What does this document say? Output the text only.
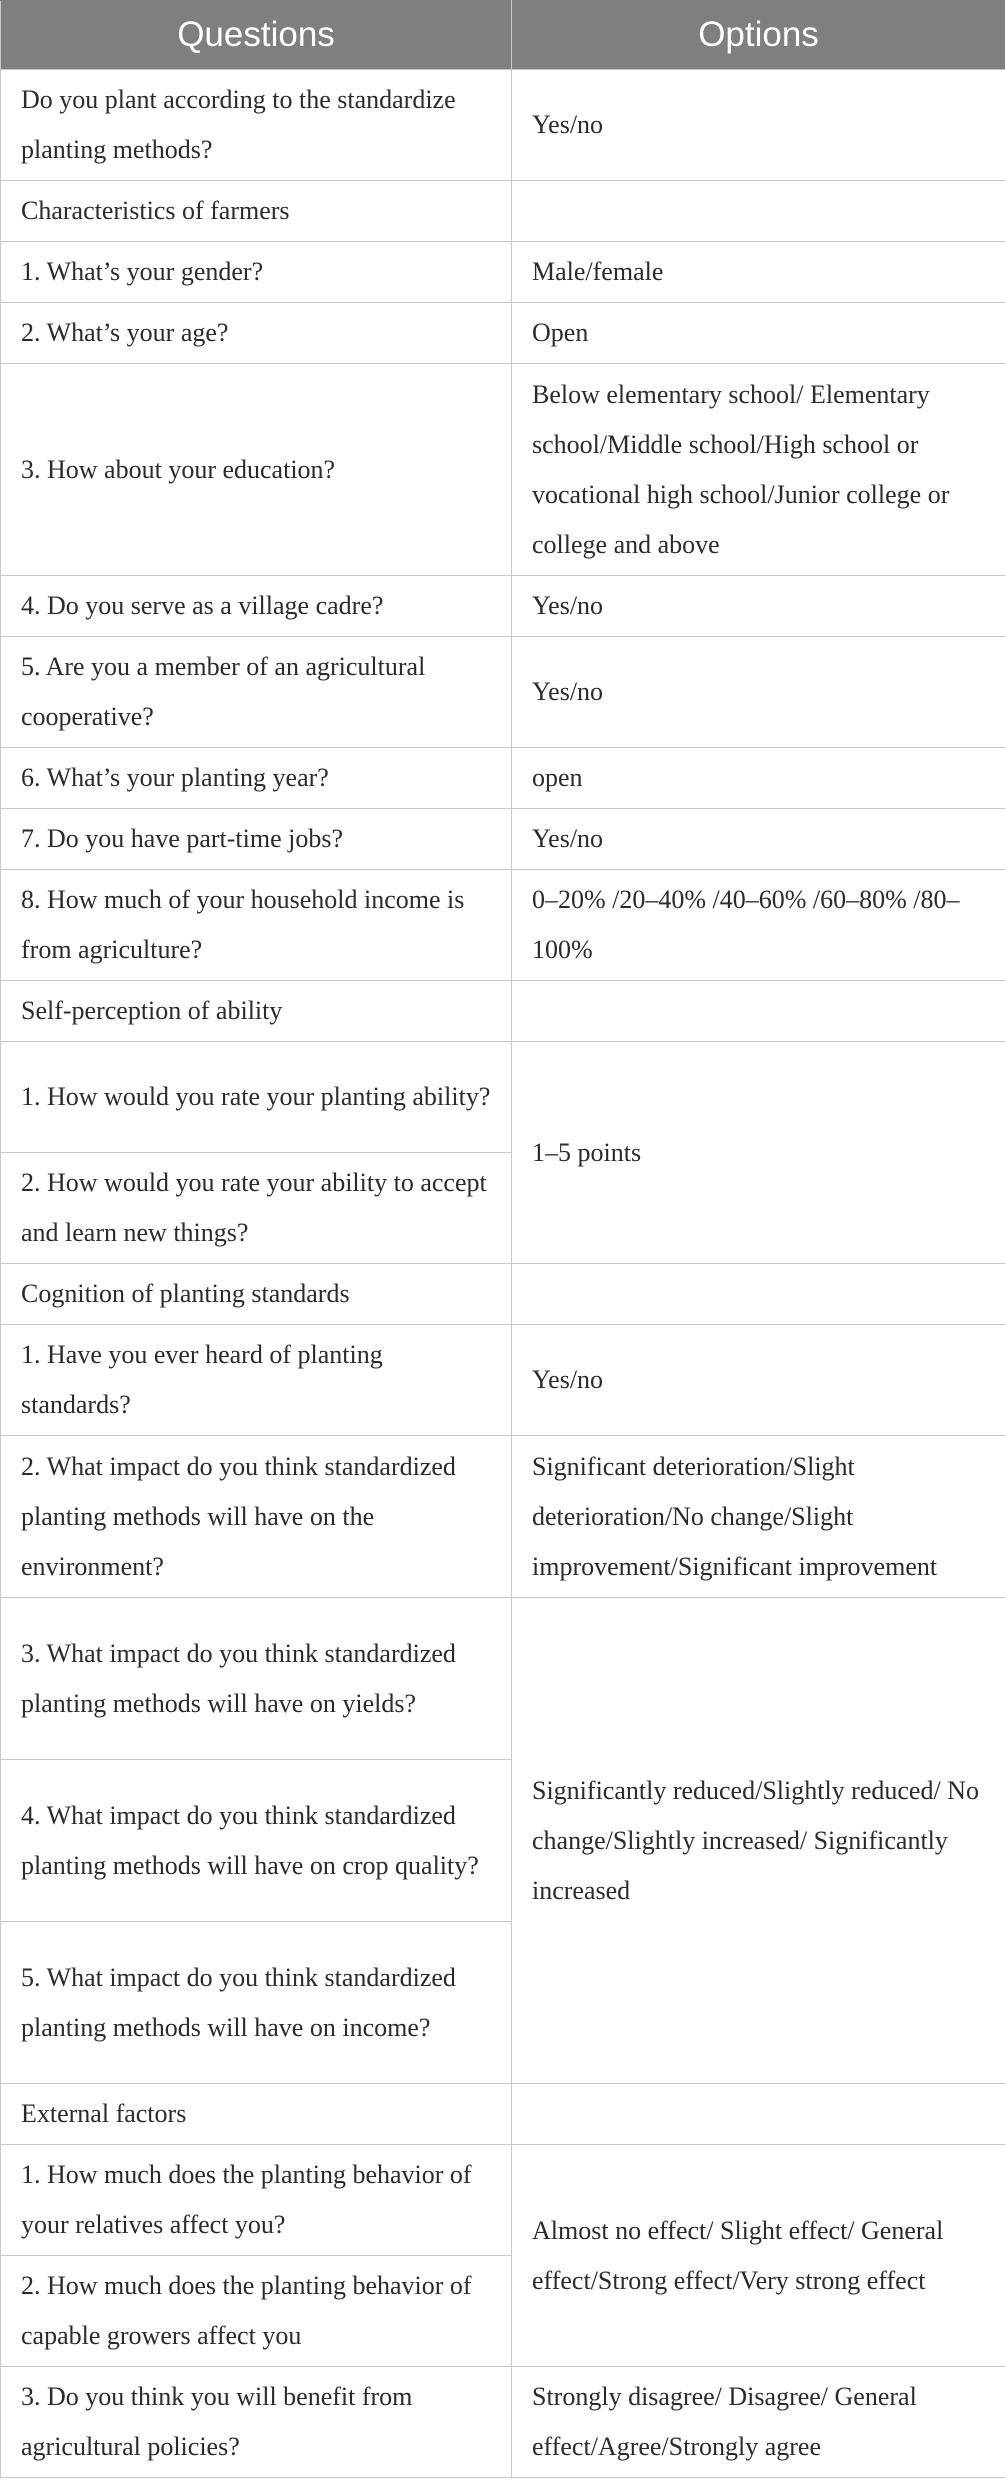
Questions	Options
Do you plant according to the standardize planting methods?	Yes/no
Characteristics of farmers	
1. What’s your gender?	Male/female
2. What’s your age?	Open
3. How about your education?	Below elementary school/ Elementary school/Middle school/High school or vocational high school/Junior college or college and above
4. Do you serve as a village cadre?	Yes/no
5. Are you a member of an agricultural cooperative?	Yes/no
6. What’s your planting year?	open
7. Do you have part-time jobs?	Yes/no
8. How much of your household income is from agriculture?	0–20% /20–40% /40–60% /60–80% /80–100%
Self-perception of ability	
1. How would you rate your planting ability?	1–5 points
2. How would you rate your ability to accept and learn new things?	
Cognition of planting standards	
1. Have you ever heard of planting standards?	Yes/no
2. What impact do you think standardized planting methods will have on the environment?	Significant deterioration/Slight deterioration/No change/Slight improvement/Significant improvement
3. What impact do you think standardized planting methods will have on yields?	Significantly reduced/Slightly reduced/ No change/Slightly increased/ Significantly increased
4. What impact do you think standardized planting methods will have on crop quality?	
5. What impact do you think standardized planting methods will have on income?	
External factors	
1. How much does the planting behavior of your relatives affect you?	Almost no effect/ Slight effect/ General effect/Strong effect/Very strong effect
2. How much does the planting behavior of capable growers affect you	
3. Do you think you will benefit from agricultural policies?	Strongly disagree/ Disagree/ General effect/Agree/Strongly agree
